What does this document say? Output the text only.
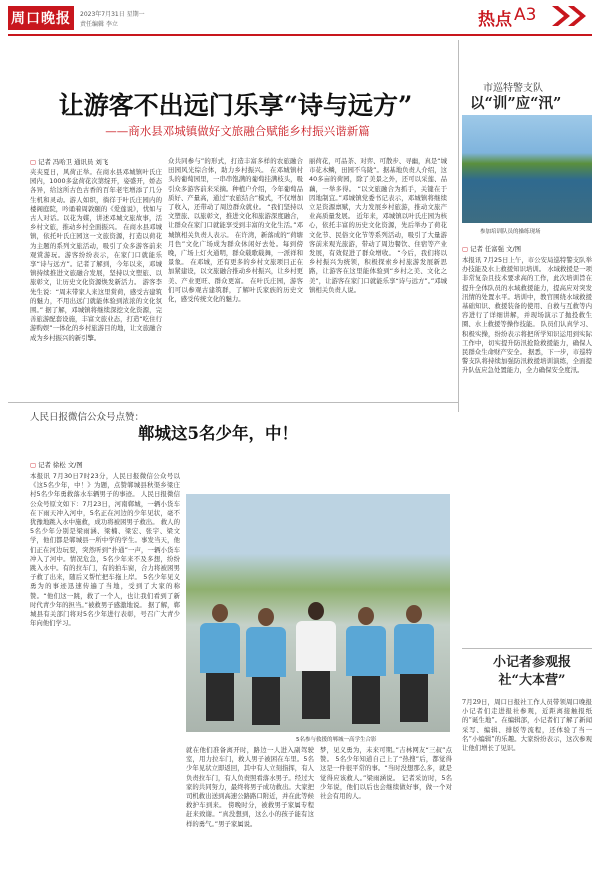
周口晚报	2023年7月31日 星期一
责任编辑 李立	热点 A3
让游客不出远门乐享“诗与远方”
——商水县邓城镇做好文旅融合赋能乡村振兴谐新篇
▢ 记者 冯哈卫 通讯员 刘飞
夹夹夏日，风荷正举。在商水县邓城镇叶氏庄园内，1000多盆荷花次第绽开，姿盛开，娇态各异，给这所古色古香的百年老宅增添了几分生机和灵动。游人如织，徜徉于叶氏庄园内的楼阁庭院，吟诵着周敦颐的《爱莲说》，忧如与古人对话。以花为媒，讲述邓城文旅故事，活乡村文旅，推动乡村全面振兴。 在商水县邓城镇，依托叶氏庄园这一文旅资源，打造以荷花为主题的系列文旅活动，吸引了众多游客前来观赏游玩。游客纷纷表示，在家门口就能乐享“诗与远方”。记者了解到，今年以来，邓城镇持续推进文旅融合发展，坚持以文塑旅、以旅彰文，让历史文化资源焕发新活力。 游客李先生说：“周末带家人来这里赏荷，感受古建筑的魅力，不用出远门就能体验到浓浓的文化氛围。” 据了解，邓城镇将继续深挖文化资源，完善旅游配套设施，丰富文旅业态，打造“吃住行游购娱”一体化的乡村旅游目的地，让文旅融合成为乡村振兴的新引擎。
众共同参与”的形式，打造丰富多样的农旅融合田园风光综合体，助力乡村振兴。 在邓城镇村头的葡萄园里，一串串饱满的葡萄挂满枝头，吸引众多游客前来采摘。种植户介绍，今年葡萄品质好、产量高，通过“农旅结合”模式，不仅增加了收入，还带动了周边群众就业。 “我们坚持以文塑旅、以旅彰文，推进文化和旅游深度融合，让群众在家门口就能享受到丰富的文化生活。”邓城镇相关负责人表示。 在许湾，新落成的“荷塘月色”文化广场成为群众休闲好去处。每到傍晚，广场上灯火通明，群众载歌载舞，一派祥和景象。 在邓城，还有更多的乡村文旅项目正在加紧建设，以文旅融合推动乡村振兴，让乡村更美、产业更旺、群众更富。 在叶氏庄园，游客们可以参观古建筑群，了解叶氏家族的历史文化，感受传统文化的魅力。
丽荷花，可品茶、对弈、可散步、寻幽，真是“城市花木鳞，田园不乌陇”。据基地负责人介绍，这40多亩的荷园，除了美景之外，还可以采莲、品藕，一举多得。 “以文旅融合为抓手，关键在于因地制宜。”邓城镇党委书记表示，邓城镇将继续立足资源禀赋，大力发展乡村旅游，推动文旅产业高质量发展。 近年来，邓城镇以叶氏庄园为核心，依托丰富的历史文化资源，先后举办了荷花文化节、民俗文化节等系列活动，吸引了大量游客前来观光旅游，带动了周边餐饮、住宿等产业发展，有效促进了群众增收。 “今后，我们将以乡村振兴为统领，积极探索乡村旅游发展新思路，让游客在这里能体验到“乡村之美、文化之美”，让游客在家门口就能乐享“诗与远方”。”邓城镇相关负责人说。
市巡特警支队
以“训”应“汛”
参加培训队员的操练现场
▢ 记者 任富强 文/图
本报讯 7月25日上午，市公安局巡特警支队举办技能及水上救援知识培训。 水域救援是一项非常复杂且技术要求高的工作，此次培训旨在提升全体队员的水域救援能力，提高应对突发汛情的处置水平。培训中，教官围绕水域救援基础知识、救援装备的使用、自救与互救等内容进行了详细讲解，并现场演示了抛投救生圈、水上救援等操作技能。 队员们认真学习、积极实操，纷纷表示将把所学知识运用到实际工作中，切实提升防汛抢险救援能力，确保人民群众生命财产安全。 据悉，下一步，市巡特警支队将持续加强防汛救援培训演练，全面提升队伍应急处置能力，全力确保安全度汛。
小记者参观报社“大本营”
7月29日，周口日报社工作人员带领周口晚报小记者们走进报社参观，近距离接触报纸的“诞生地”。在编辑部，小记者们了解了新闻采写、编辑、排版等流程，还体验了当一名“小编辑”的乐趣。大家纷纷表示，这次参观让他们增长了见识。
人民日报微信公众号点赞：
郸城这5名少年，中！
▢ 记者 徐松 文/图
本报讯 7月30日7时23分，人民日报微信公众号以《这5名少年，中！》为题，点赞郸城县秋渠乡梁庄村5名少年勇救落水车辆男子的事迹。 人民日报微信公众号原文如下：7月23日，河南郸城，一辆小货车在下雨天冲入河中，5名正在河边的少年见状，毫不犹豫地跳入水中施救，成功将被困男子救出。 救人的5名少年分别是梁雨涵、梁楠、梁宏、张宇、梁文学，他们都是郸城县一所中学的学生。事发当天，他们正在河边玩耍，突然听到“扑通”一声，一辆小货车冲入了河中。情况危急，5名少年来不及多想，纷纷跳入水中。有的拉车门，有的拍车窗，合力将被困男子救了出来，随后又帮忙把车拖上岸。 5名少年见义勇为的事迹迅速传遍了当地，受到了大家的称赞。“他们这一跳，救了一个人，也让我们看到了新时代青少年的担当。”被救男子感激地说。 据了解，郸城县有关部门将对5名少年进行表彰，号召广大青少年向他们学习。
5名参与救援的郸城一高学生合影
就在他们准备离开时，路边一人进入副驾驶室，用力拉车门，救人男子被困在车里。5名少年见状立即返回，其中有人立刻指挥，有人负责拉车门，有人负责照看落水男子。经过大家的共同努力，最终将男子成功救出。大家把司机救出送到高速公路路口附近，并在此等候救护车到来。 傍晚时分，被救男子家属专程赶来致谢。“真没想到，这么小的孩子能有这样的勇气。”男子家属说。
梦，见义勇为，未来可期。”吉林网友“三叔”点赞。 5名少年知道自己上了“热搜”后，都觉得这是一件很平常的事。“当时没想那么多，就是觉得应该救人。”梁雨涵说。 记者采访时，5名少年说，他们以后也会继续做好事，做一个对社会有用的人。
